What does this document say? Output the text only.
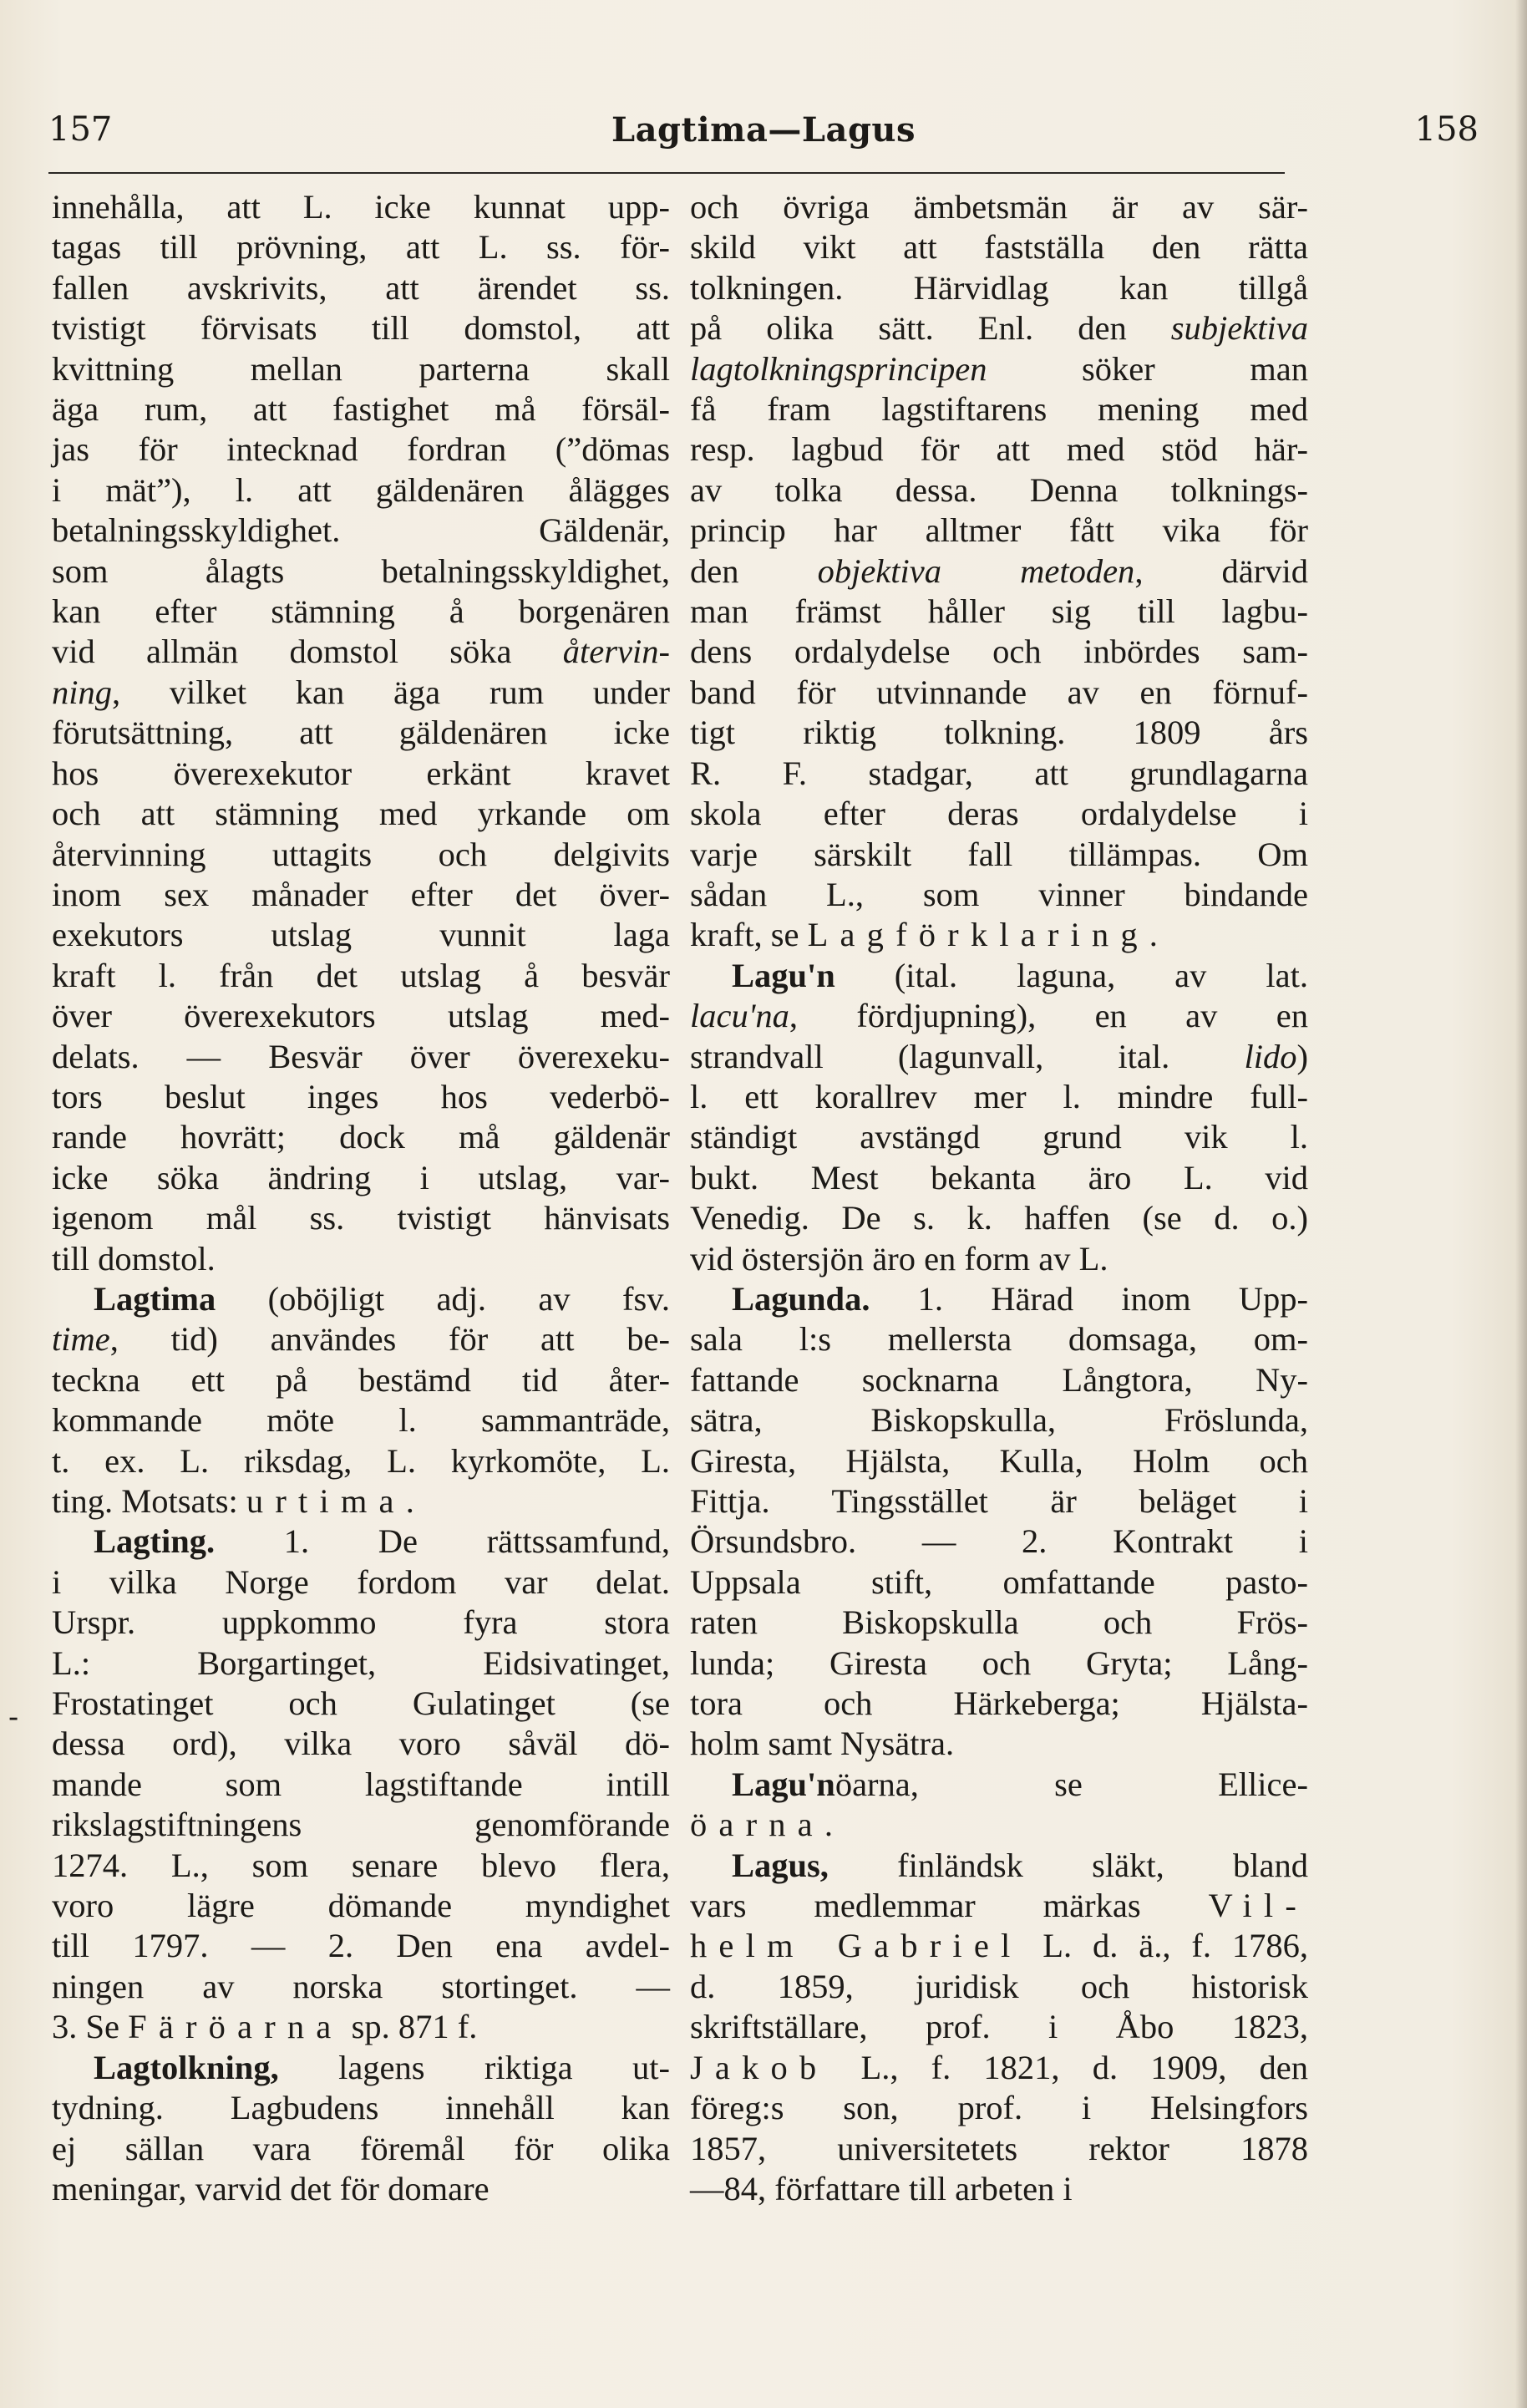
157	Lagtima—Lagus	158
innehålla, att L. icke kunnat upp-
tagas till prövning, att L. ss. för-
fallen avskrivits, att ärendet ss.
tvistigt förvisats till domstol, att
kvittning mellan parterna skall
äga rum, att fastighet må försäl-
jas för intecknad fordran (”dömas
i mät”), l. att gäldenären ålägges
betalningsskyldighet. Gäldenär,
som ålagts betalningsskyldighet,
kan efter stämning å borgenären
vid allmän domstol söka återvin-
ning, vilket kan äga rum under
förutsättning, att gäldenären icke
hos överexekutor erkänt kravet
och att stämning med yrkande om
återvinning uttagits och delgivits
inom sex månader efter det över-
exekutors utslag vunnit laga
kraft l. från det utslag å besvär
över överexekutors utslag med-
delats. — Besvär över överexeku-
tors beslut inges hos vederbö-
rande hovrätt; dock må gäldenär
icke söka ändring i utslag, var-
igenom mål ss. tvistigt hänvisats
till domstol.
Lagtima (oböjligt adj. av fsv.
time, tid) användes för att be-
teckna ett på bestämd tid åter-
kommande möte l. sammanträde,
t. ex. L. riksdag, L. kyrkomöte, L.
ting. Motsats: urtima.
Lagting. 1. De rättssamfund,
i vilka Norge fordom var delat.
Urspr. uppkommo fyra stora
L.: Borgartinget, Eidsivatinget,
Frostatinget och Gulatinget (se
dessa ord), vilka voro såväl dö-
mande som lagstiftande intill
rikslagstiftningens genomförande
1274. L., som senare blevo flera,
voro lägre dömande myndighet
till 1797. — 2. Den ena avdel-
ningen av norska stortinget. —
3. Se Färöarna sp. 871 f.
Lagtolkning, lagens riktiga ut-
tydning. Lagbudens innehåll kan
ej sällan vara föremål för olika
meningar, varvid det för domare
och övriga ämbetsmän är av sär-
skild vikt att fastställa den rätta
tolkningen. Härvidlag kan tillgå
på olika sätt. Enl. den subjektiva
lagtolkningsprincipen söker man
få fram lagstiftarens mening med
resp. lagbud för att med stöd här-
av tolka dessa. Denna tolknings-
princip har alltmer fått vika för
den objektiva metoden, därvid
man främst håller sig till lagbu-
dens ordalydelse och inbördes sam-
band för utvinnande av en förnuf-
tigt riktig tolkning. 1809 års
R. F. stadgar, att grundlagarna
skola efter deras ordalydelse i
varje särskilt fall tillämpas. Om
sådan L., som vinner bindande
kraft, se Lagförklaring.
Lagu'n (ital. laguna, av lat.
lacu'na, fördjupning), en av en
strandvall (lagunvall, ital. lido)
l. ett korallrev mer l. mindre full-
ständigt avstängd grund vik l.
bukt. Mest bekanta äro L. vid
Venedig. De s. k. haffen (se d. o.)
vid östersjön äro en form av L.
Lagunda. 1. Härad inom Upp-
sala l:s mellersta domsaga, om-
fattande socknarna Långtora, Ny-
sätra, Biskopskulla, Fröslunda,
Giresta, Hjälsta, Kulla, Holm och
Fittja. Tingsstället är beläget i
Örsundsbro. — 2. Kontrakt i
Uppsala stift, omfattande pasto-
raten Biskopskulla och Frös-
lunda; Giresta och Gryta; Lång-
tora och Härkeberga; Hjälsta-
holm samt Nysätra.
Lagu'nöarna, se Ellice-
öarna.
Lagus, finländsk släkt, bland
vars medlemmar märkas Vil-
helm Gabriel L. d. ä., f. 1786,
d. 1859, juridisk och historisk
skriftställare, prof. i Åbo 1823,
Jakob L., f. 1821, d. 1909, den
föreg:s son, prof. i Helsingfors
1857, universitetets rektor 1878
—84, författare till arbeten i
-
